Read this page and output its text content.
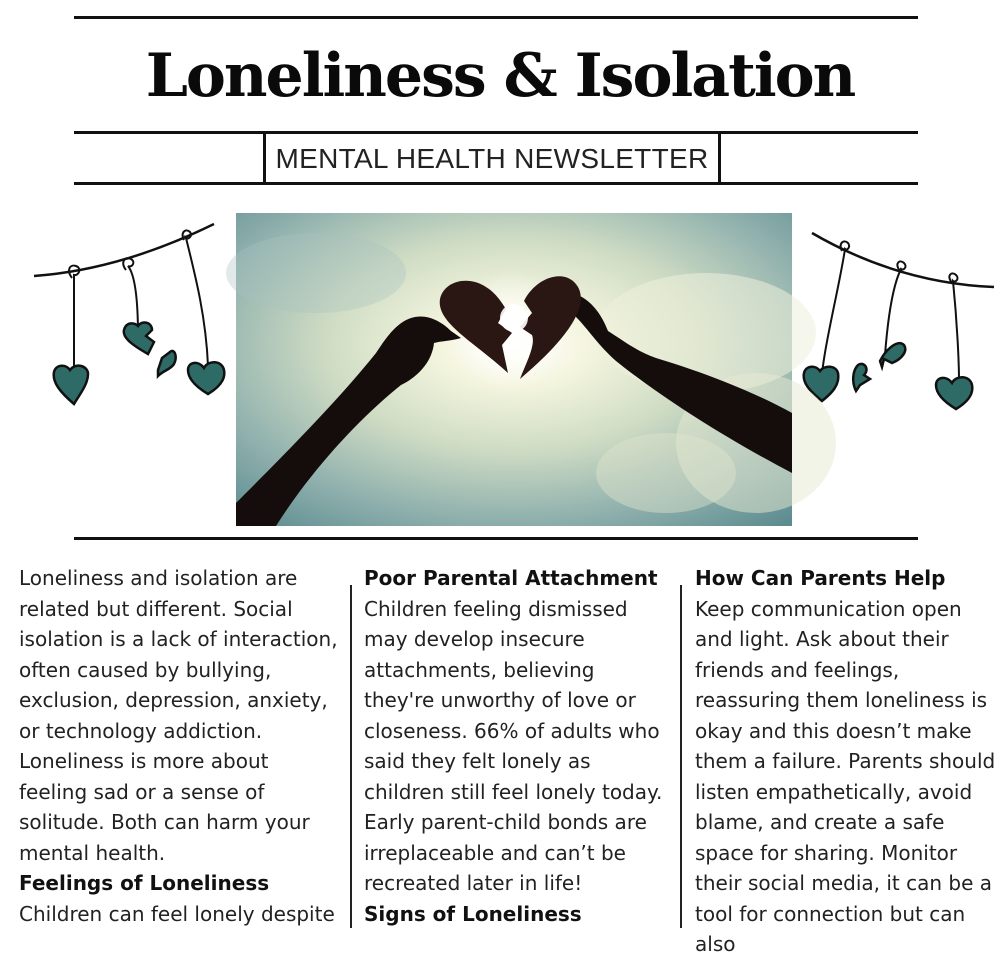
Loneliness & Isolation
MENTAL HEALTH NEWSLETTER

Loneliness and isolation are related but different. Social isolation is a lack of interaction, often caused by bullying, exclusion, depression, anxiety, or technology addiction. Loneliness is more about feeling sad or a sense of solitude. Both can harm your mental health.

Feelings of Loneliness

Children can feel lonely despite

Poor Parental Attachment

Children feeling dismissed may develop insecure attachments, believing they're unworthy of love or closeness. 66% of adults who said they felt lonely as children still feel lonely today. Early parent-child bonds are irreplaceable and can’t be recreated later in life!

Signs of Loneliness
How Can Parents Help

Keep communication open and light. Ask about their friends and feelings, reassuring them loneliness is okay and this doesn’t make them a failure. Parents should listen empathetically, avoid blame, and create a safe space for sharing. Monitor their social media, it can be a tool for connection but can also
